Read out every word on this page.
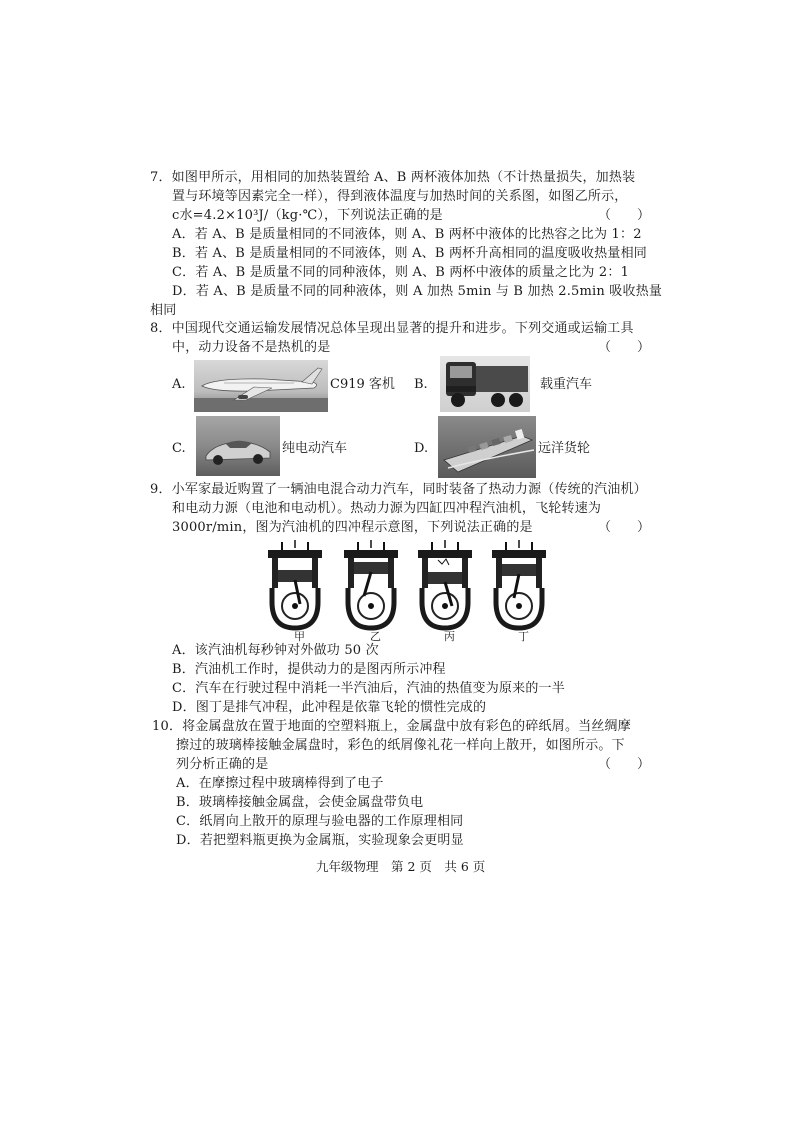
7．如图甲所示，用相同的加热装置给 A、B 两杯液体加热（不计热量损失，加热装
置与环境等因素完全一样），得到液体温度与加热时间的关系图，如图乙所示，
c水=4.2×10³J/（kg·℃），下列说法正确的是	（　　）
A．若 A、B 是质量相同的不同液体，则 A、B 两杯中液体的比热容之比为 1：2
B．若 A、B 是质量相同的不同液体，则 A、B 两杯升高相同的温度吸收热量相同
C．若 A、B 是质量不同的同种液体，则 A、B 两杯中液体的质量之比为 2：1
D．若 A、B 是质量不同的同种液体，则 A 加热 5min 与 B 加热 2.5min 吸收热量
相同
8．中国现代交通运输发展情况总体呈现出显著的提升和进步。下列交通或运输工具
中，动力设备不是热机的是	（　　）
A.	C919 客机 B.	载重汽车
C.	纯电动汽车	D.	远洋货轮
9．小军家最近购置了一辆油电混合动力汽车，同时装备了热动力源（传统的汽油机）
和电动力源（电池和电动机）。热动力源为四缸四冲程汽油机，飞轮转速为
3000r/min，图为汽油机的四冲程示意图，下列说法正确的是	（　　）
甲	乙	丙	丁
A．该汽油机每秒钟对外做功 50 次
B．汽油机工作时，提供动力的是图丙所示冲程
C．汽车在行驶过程中消耗一半汽油后，汽油的热值变为原来的一半
D．图丁是排气冲程，此冲程是依靠飞轮的惯性完成的
10．将金属盘放在置于地面的空塑料瓶上，金属盘中放有彩色的碎纸屑。当丝绸摩
擦过的玻璃棒接触金属盘时，彩色的纸屑像礼花一样向上散开，如图所示。下
列分析正确的是	（　　）
A．在摩擦过程中玻璃棒得到了电子
B．玻璃棒接触金属盘，会使金属盘带负电
C．纸屑向上散开的原理与验电器的工作原理相同
D．若把塑料瓶更换为金属瓶，实验现象会更明显
九年级物理　第 2 页　共 6 页
